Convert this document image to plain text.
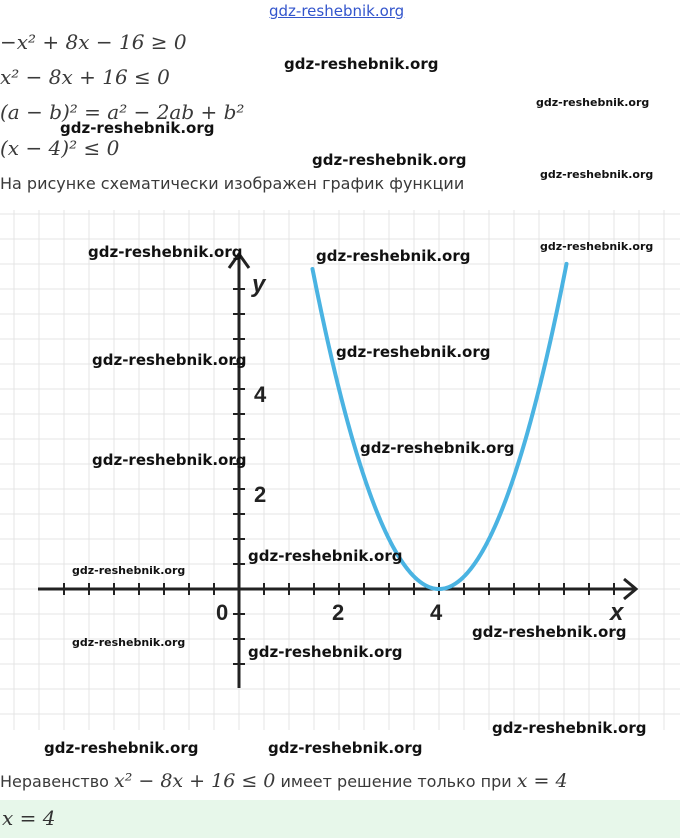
gdz-reshebnik.org
−x² + 8x − 16 ≥ 0
x² − 8x + 16 ≤ 0
(a − b)² = a² − 2ab + b²
(x − 4)² ≤ 0
На рисунке схематически изображен график функции
x
y
0	2	4
2
4
Неравенство x² − 8x + 16 ≤ 0 имеет решение только при x = 4
x = 4
gdz-reshebnik.org
gdz-reshebnik.org
gdz-reshebnik.org
gdz-reshebnik.org
gdz-reshebnik.org
gdz-reshebnik.org	gdz-reshebnik.org
gdz-reshebnik.org
gdz-reshebnik.org	gdz-reshebnik.org
gdz-reshebnik.org
gdz-reshebnik.org
gdz-reshebnik.org
gdz-reshebnik.org
gdz-reshebnik.org
gdz-reshebnik.org
gdz-reshebnik.org
gdz-reshebnik.org
gdz-reshebnik.org	gdz-reshebnik.org
